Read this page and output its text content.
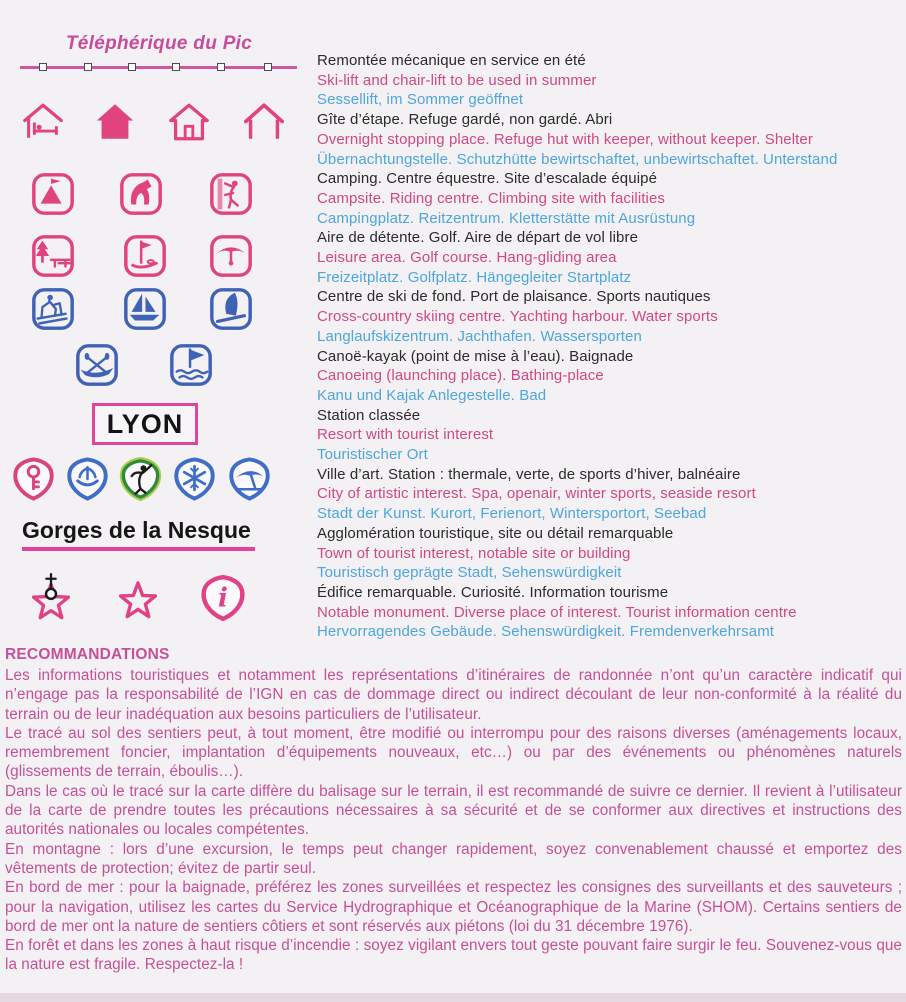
Téléphérique du Pic
LYON
Gorges de la Nesque
i
Remontée mécanique en service en été
Ski-lift and chair-lift to be used in summer
Sessellift, im Sommer geöffnet
Gîte d’étape. Refuge gardé, non gardé. Abri
Overnight stopping place. Refuge hut with keeper, without keeper. Shelter
Übernachtungstelle. Schutzhütte bewirtschaftet, unbewirtschaftet. Unterstand
Camping. Centre équestre. Site d’escalade équipé
Campsite. Riding centre. Climbing site with facilities
Campingplatz. Reitzentrum. Kletterstätte mit Ausrüstung
Aire de détente. Golf. Aire de départ de vol libre
Leisure area. Golf course. Hang-gliding area
Freizeitplatz. Golfplatz. Hängegleiter Startplatz
Centre de ski de fond. Port de plaisance. Sports nautiques
Cross-country skiing centre. Yachting harbour. Water sports
Langlaufskizentrum. Jachthafen. Wassersporten
Canoë-kayak (point de mise à l’eau). Baignade
Canoeing (launching place). Bathing-place
Kanu und Kajak Anlegestelle. Bad
Station classée
Resort with tourist interest
Touristischer Ort
Ville d’art. Station : thermale, verte, de sports d’hiver, balnéaire
City of artistic interest. Spa, openair, winter sports, seaside resort
Stadt der Kunst. Kurort, Ferienort, Wintersportort, Seebad
Agglomération touristique, site ou détail remarquable
Town of tourist interest, notable site or building
Touristisch geprägte Stadt, Sehenswürdigkeit
Édifice remarquable. Curiosité. Information tourisme
Notable monument. Diverse place of interest. Tourist information centre
Hervorragendes Gebäude. Sehenswürdigkeit. Fremdenverkehrsamt

RECOMMANDATIONS

Les informations touristiques et notamment les représentations d’itinéraires de randonnée n’ont qu’un caractère indicatif qui n’engage pas la responsabilité de l’IGN en cas de dommage direct ou indirect découlant de leur non-conformité à la réalité du terrain ou de leur inadéquation aux besoins particuliers de l’utilisateur.

Le tracé au sol des sentiers peut, à tout moment, être modifié ou interrompu pour des raisons diverses (aménagements locaux, remembrement foncier, implantation d’équipements nouveaux, etc…) ou par des événements ou phénomènes naturels (glissements de terrain, éboulis…).

Dans le cas où le tracé sur la carte diffère du balisage sur le terrain, il est recommandé de suivre ce dernier. Il revient à l’utilisateur de la carte de prendre toutes les précautions nécessaires à sa sécurité et de se conformer aux directives et instructions des autorités nationales ou locales compétentes.

En montagne : lors d’une excursion, le temps peut changer rapidement, soyez convenablement chaussé et emportez des vêtements de protection; évitez de partir seul.

En bord de mer : pour la baignade, préférez les zones surveillées et respectez les consignes des surveillants et des sauveteurs ; pour la navigation, utilisez les cartes du Service Hydrographique et Océanographique de la Marine (SHOM). Certains sentiers de bord de mer ont la nature de sentiers côtiers et sont réservés aux piétons (loi du 31 décembre 1976).

En forêt et dans les zones à haut risque d’incendie : soyez vigilant envers tout geste pouvant faire surgir le feu. Souvenez-vous que la nature est fragile. Respectez-la !
